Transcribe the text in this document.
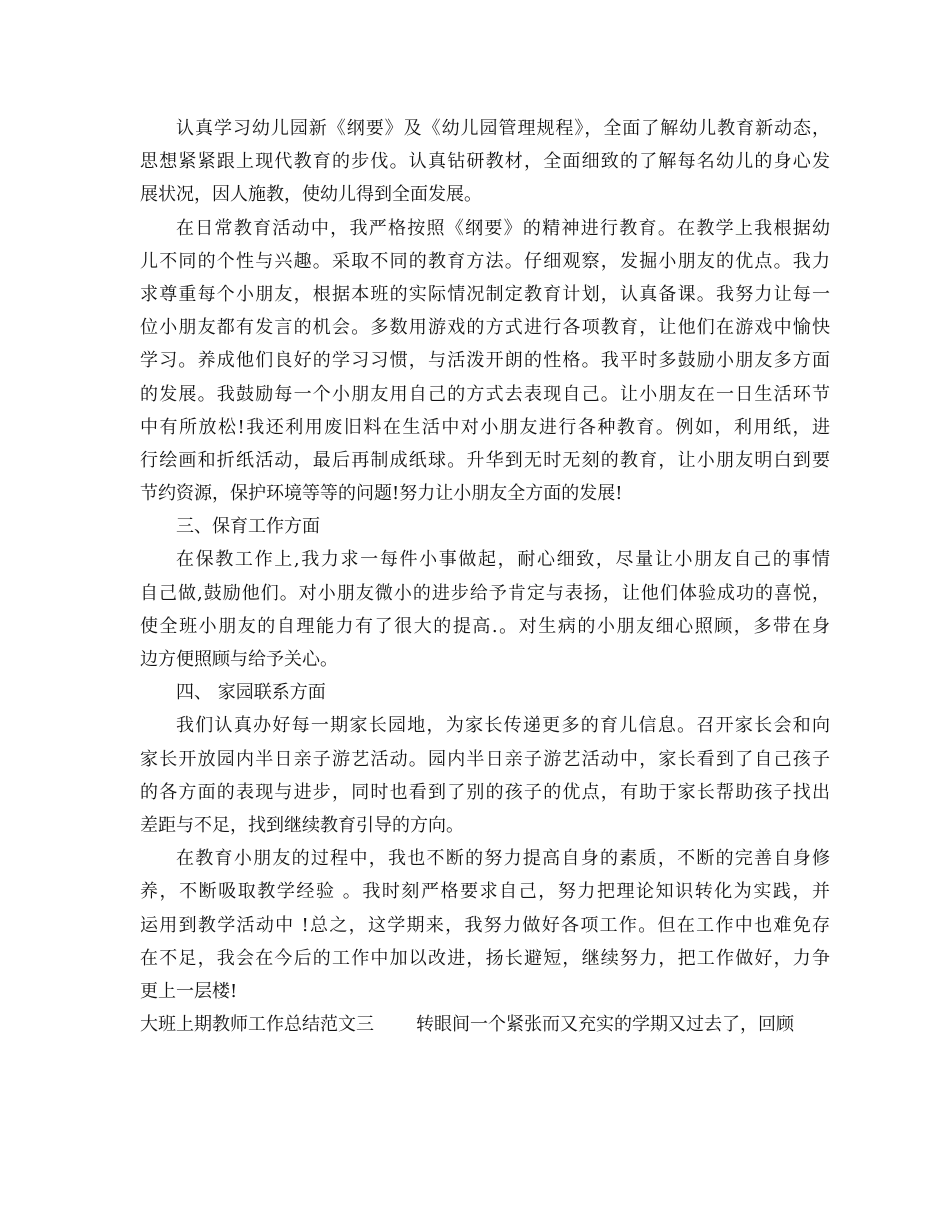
认真学习幼儿园新《纲要》及《幼儿园管理规程》，全面了解幼儿教育新动态，
思想紧紧跟上现代教育的步伐。认真钻研教材，全面细致的了解每名幼儿的身心发
展状况，因人施教，使幼儿得到全面发展。
在日常教育活动中，我严格按照《纲要》的精神进行教育。在教学上我根据幼
儿不同的个性与兴趣。采取不同的教育方法。仔细观察，发掘小朋友的优点。我力
求尊重每个小朋友，根据本班的实际情况制定教育计划，认真备课。我努力让每一
位小朋友都有发言的机会。多数用游戏的方式进行各项教育，让他们在游戏中愉快
学习。养成他们良好的学习习惯，与活泼开朗的性格。我平时多鼓励小朋友多方面
的发展。我鼓励每一个小朋友用自己的方式去表现自己。让小朋友在一日生活环节
中有所放松!我还利用废旧料在生活中对小朋友进行各种教育。例如，利用纸，进
行绘画和折纸活动，最后再制成纸球。升华到无时无刻的教育，让小朋友明白到要
节约资源，保护环境等等的问题!努力让小朋友全方面的发展!
三、保育工作方面
在保教工作上,我力求一每件小事做起，耐心细致，尽量让小朋友自己的事情
自己做,鼓励他们。对小朋友微小的进步给予肯定与表扬，让他们体验成功的喜悦，
使全班小朋友的自理能力有了很大的提高.。对生病的小朋友细心照顾，多带在身
边方便照顾与给予关心。
四、 家园联系方面
我们认真办好每一期家长园地，为家长传递更多的育儿信息。召开家长会和向
家长开放园内半日亲子游艺活动。园内半日亲子游艺活动中，家长看到了自己孩子
的各方面的表现与进步，同时也看到了别的孩子的优点，有助于家长帮助孩子找出
差距与不足，找到继续教育引导的方向。
在教育小朋友的过程中，我也不断的努力提高自身的素质，不断的完善自身修
养，不断吸取教学经验 。我时刻严格要求自己，努力把理论知识转化为实践，并
运用到教学活动中 !总之，这学期来，我努力做好各项工作。但在工作中也难免存
在不足，我会在今后的工作中加以改进，扬长避短，继续努力，把工作做好，力争
更上一层楼!
大班上期教师工作总结范文三 转眼间一个紧张而又充实的学期又过去了，回顾
